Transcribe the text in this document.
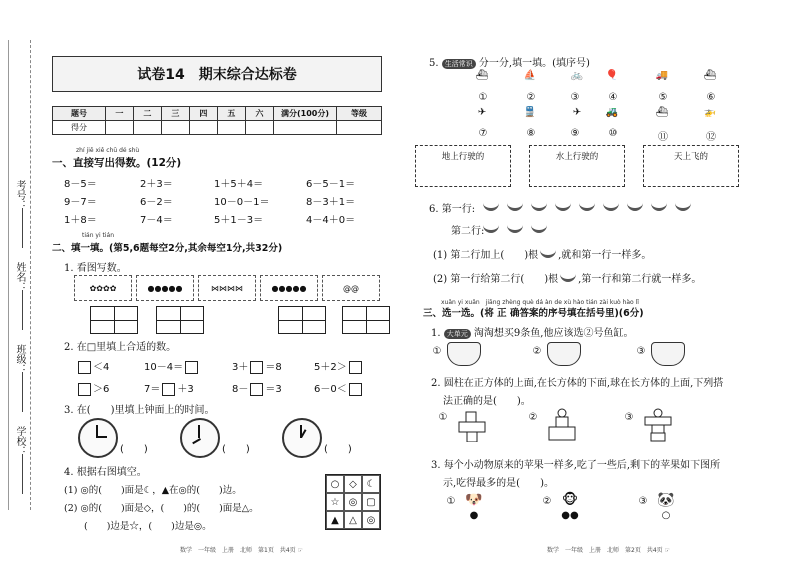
考号：
姓名：
班级：
学校：
试卷14　期末综合达标卷
题号	一	二	三	四	五	六	满分(100分)	等级
得分								
zhí jiē xiě chū dé shù
一、直接写出得数。(12分)
8－5＝	2＋3＝	1＋5＋4＝	6－5－1＝
9－7＝	6－2＝	10－0－1＝	8－3＋1＝
1＋8＝	7－4＝	5＋1－3＝	4－4＋0＝
tián yi tián
二、填一填。(第5,6题每空2分,其余每空1分,共32分)
1. 看图写数。
✿✿✿✿	●●●●●	⋈⋈⋈⋈	●●●●●	@@
2. 在□里填上合适的数。
＜4	10－4＝	3＋ ＝8	5＋2＞
＞6	7＝ ＋3	8－ ＝3	6－0＜
3. 在(　　)里填上钟面上的时间。
(　　)	(　　)	(　　)
4. 根据右图填空。
(1) ◎的(　　)面是☾，▲在◎的(　　)边。
(2) ◎的(　　)面是◇，(　　)的(　　)面是△。
(　　)边是☆，(　　)边是◎。
○ ◇ ☾
☆ ◎ ▢
▲	△ ◎
数学　一年级　上册　北师　第1页　共4页 ☞
5. 生活常识 分一分,填一填。(填序号)
⛴	⛵	🚲	🎈	🚚	⛴
①	②	③	④	⑤	⑥
✈	🚆	✈	🚜	⛴	🚁
⑦	⑧	⑨	⑩	⑪	⑫
地上行驶的	水上行驶的	天上飞的
6. 第一行:
第二行:
(1) 第二行加上(　　)根 ,就和第一行一样多。
(2) 第一行给第二行(　　)根 ,第一行和第二行就一样多。
xuǎn yi xuǎn　jiāng zhèng què dá àn de xù hào tián zài kuò hào lǐ
三、选一选。(将 正 确答案的序号填在括号里)(6分)
1. 大单元 淘淘想买9条鱼,他应该选②号鱼缸。
①	②	③
2. 圆柱在正方体的上面,在长方体的下面,球在长方体的上面,下列搭
法正确的是(　　)。
①	②	③
3. 每个小动物原来的苹果一样多,吃了一些后,剩下的苹果如下图所
示,吃得最多的是(　　)。
① 🐶
●
② 🐵
●●
③ 🐼
○
数学　一年级　上册　北师　第2页　共4页 ☞
